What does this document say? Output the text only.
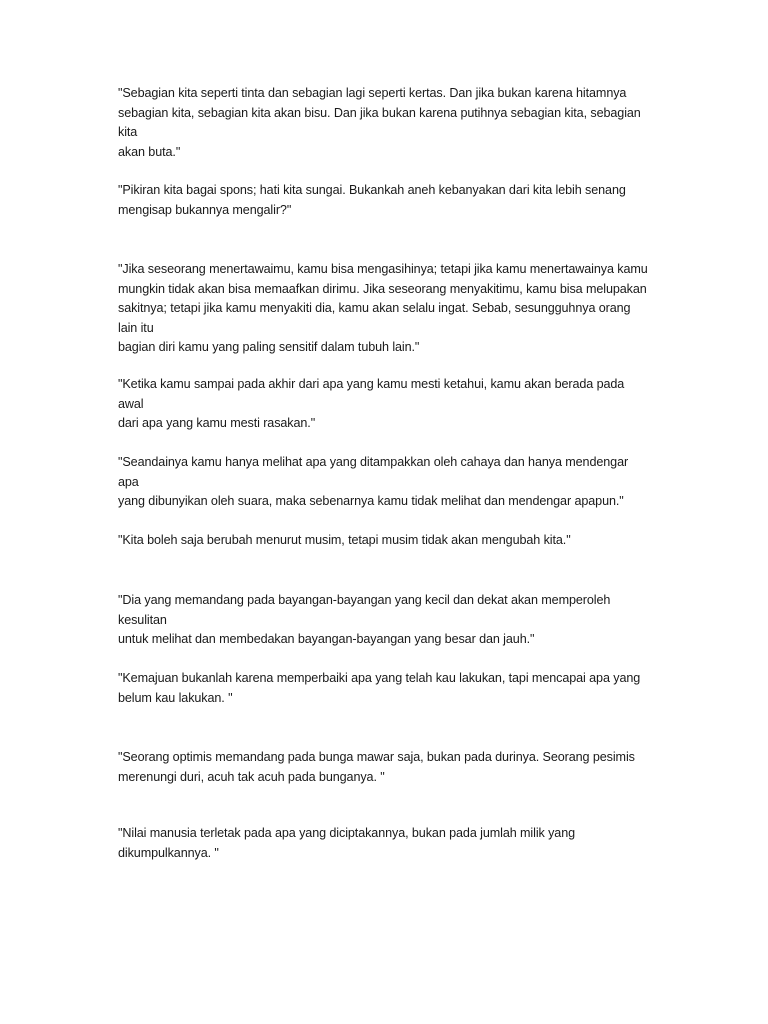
"Sebagian kita seperti tinta dan sebagian lagi seperti kertas. Dan jika bukan karena hitamnya
sebagian kita, sebagian kita akan bisu. Dan jika bukan karena putihnya sebagian kita, sebagian kita
akan buta."

"Pikiran kita bagai spons; hati kita sungai. Bukankah aneh kebanyakan dari kita lebih senang
mengisap bukannya mengalir?"

"Jika seseorang menertawaimu, kamu bisa mengasihinya; tetapi jika kamu menertawainya kamu
mungkin tidak akan bisa memaafkan dirimu. Jika seseorang menyakitimu, kamu bisa melupakan
sakitnya; tetapi jika kamu menyakiti dia, kamu akan selalu ingat. Sebab, sesungguhnya orang lain itu
bagian diri kamu yang paling sensitif dalam tubuh lain."

"Ketika kamu sampai pada akhir dari apa yang kamu mesti ketahui, kamu akan berada pada awal
dari apa yang kamu mesti rasakan."

"Seandainya kamu hanya melihat apa yang ditampakkan oleh cahaya dan hanya mendengar apa
yang dibunyikan oleh suara, maka sebenarnya kamu tidak melihat dan mendengar apapun."

"Kita boleh saja berubah menurut musim, tetapi musim tidak akan mengubah kita."

"Dia yang memandang pada bayangan-bayangan yang kecil dan dekat akan memperoleh kesulitan
untuk melihat dan membedakan bayangan-bayangan yang besar dan jauh."

"Kemajuan bukanlah karena memperbaiki apa yang telah kau lakukan, tapi mencapai apa yang
belum kau lakukan. "

"Seorang optimis memandang pada bunga mawar saja, bukan pada durinya. Seorang pesimis
merenungi duri, acuh tak acuh pada bunganya. "

"Nilai manusia terletak pada apa yang diciptakannya, bukan pada jumlah milik yang
dikumpulkannya. "
